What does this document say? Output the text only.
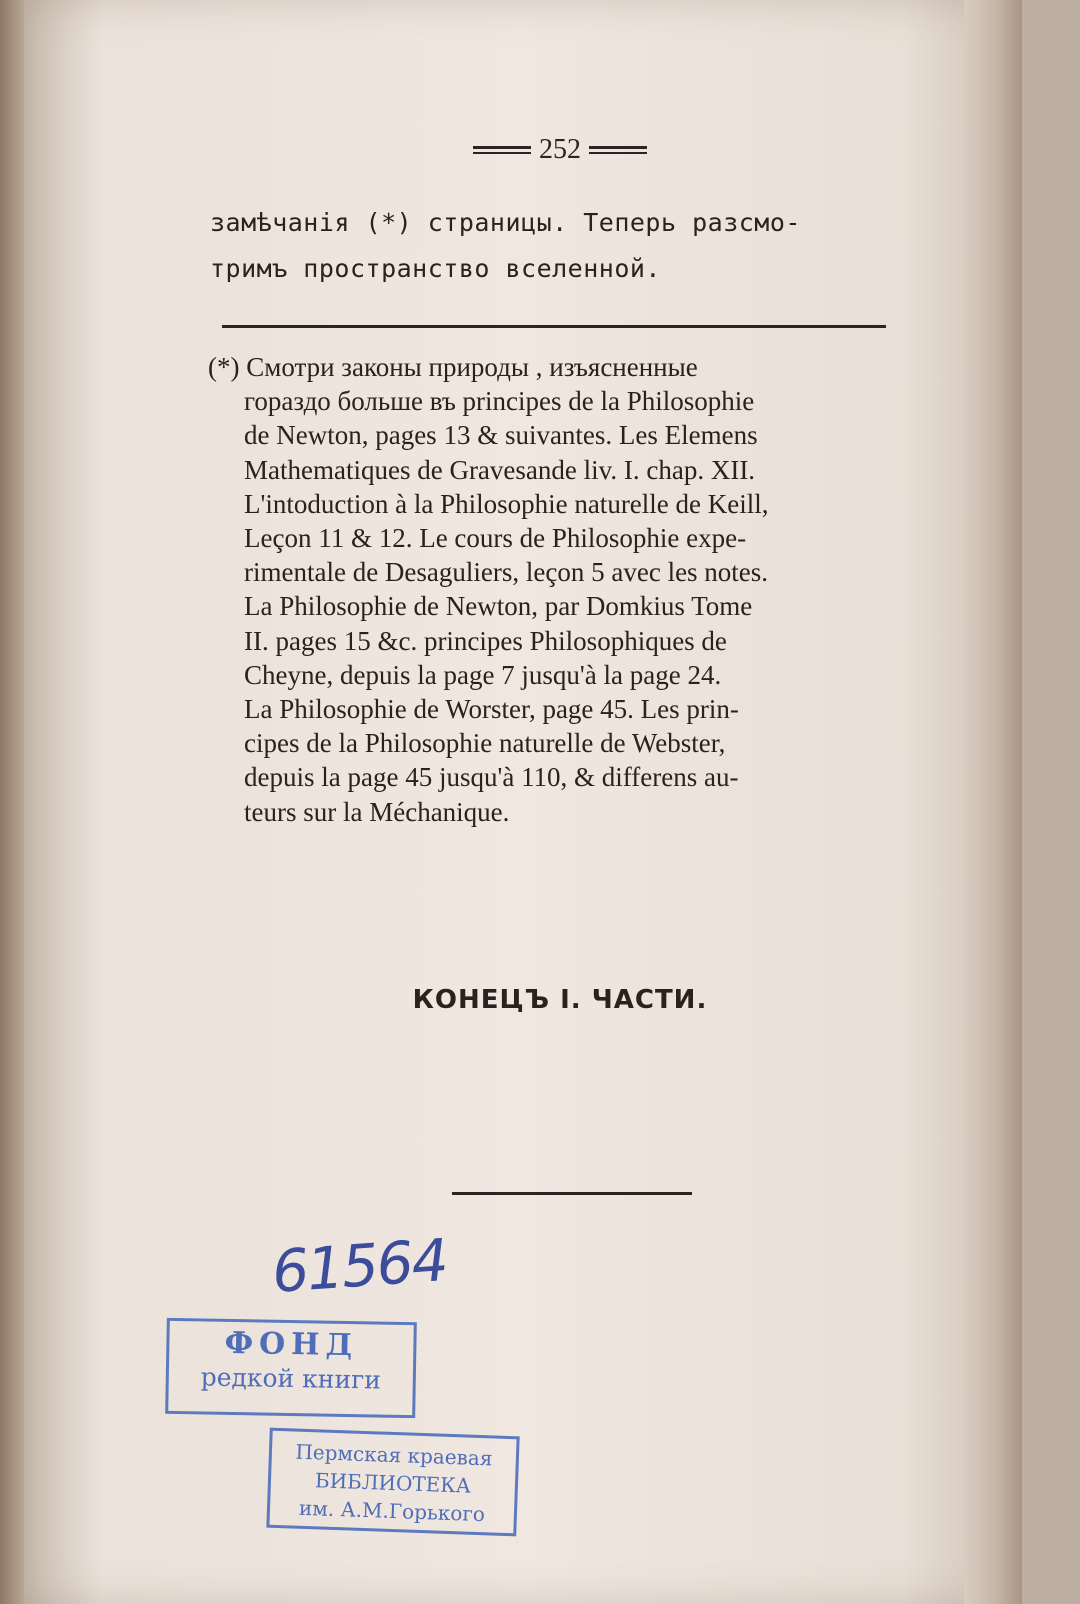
252
замѣчанія (*) страницы. Теперь разсмо-
тримъ пространство вселенной.
(*) Смотри законы природы , изъясненные
гораздо больше въ principes de la Philosophie
de Newton, pages 13 & suivantes. Les Elemens
Mathematiques de Gravesande liv. I. chap. XII.
L'intoduction à la Philosophie naturelle de Keill,
Leçon 11 & 12. Le cours de Philosophie expe-
rimentale de Desaguliers, leçon 5 avec les notes.
La Philosophie de Newton, par Domkius Tome
II. pages 15 &c. principes Philosophiques de
Cheyne, depuis la page 7 jusqu'à la page 24.
La Philosophie de Worster, page 45. Les prin-
cipes de la Philosophie naturelle de Webster,
depuis la page 45 jusqu'à 110, & differens au-
teurs sur la Méchanique.
КОНЕЦЪ I. ЧАСТИ.
61564
ФОНД
редкой книги
Пермская краевая
БИБЛИОТЕКА
им. А.М.Горького
